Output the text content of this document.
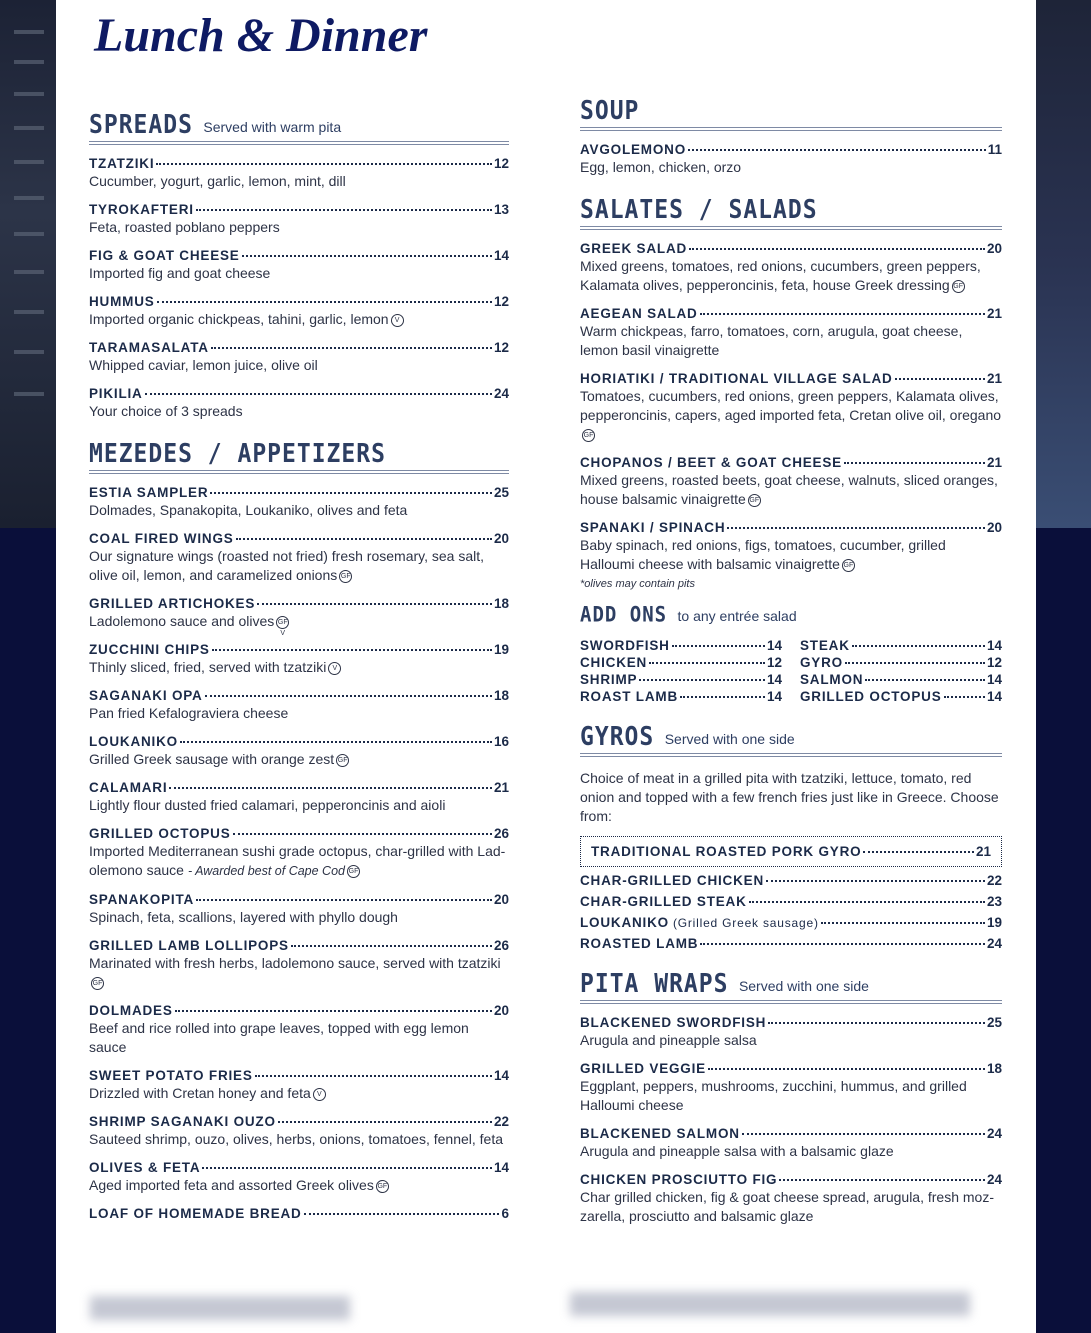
Lunch & Dinner
SPREADS Served with warm pita
TZATZIKI	12
Cucumber, yogurt, garlic, lemon, mint, dill
TYROKAFTERI	13
Feta, roasted poblano peppers
FIG & GOAT CHEESE	14
Imported fig and goat cheese
HUMMUS	12
Imported organic chickpeas, tahini, garlic, lemon V
TARAMASALATA	12
Whipped caviar, lemon juice, olive oil
PIKILIA	24
Your choice of 3 spreads
MEZEDES / APPETIZERS
ESTIA SAMPLER	25
Dolmades, Spanakopita, Loukaniko, olives and feta
COAL FIRED WINGS	20
Our signature wings (roasted not fried) fresh rosemary, sea salt, olive oil, lemon, and caramelized onions GF
GRILLED ARTICHOKES	18
Ladolemono sauce and olives GF V
ZUCCHINI CHIPS	19
Thinly sliced, fried, served with tzatziki V
SAGANAKI OPA	18
Pan fried Kefalograviera cheese
LOUKANIKO	16
Grilled Greek sausage with orange zest GF
CALAMARI	21
Lightly flour dusted fried calamari, pepperoncinis and aioli
GRILLED OCTOPUS	26
Imported Mediterranean sushi grade octopus, char-grilled with Lad-olemono sauce - Awarded best of Cape Cod GF
SPANAKOPITA	20
Spinach, feta, scallions, layered with phyllo dough
GRILLED LAMB LOLLIPOPS	26
Marinated with fresh herbs, ladolemono sauce, served with tzatzikiGF
DOLMADES	20
Beef and rice rolled into grape leaves, topped with egg lemon sauce
SWEET POTATO FRIES	14
Drizzled with Cretan honey and feta V
SHRIMP SAGANAKI OUZO	22
Sauteed shrimp, ouzo, olives, herbs, onions, tomatoes, fennel, feta
OLIVES & FETA	14
Aged imported feta and assorted Greek olives GF
LOAF OF HOMEMADE BREAD	6
SOUP
AVGOLEMONO	11
Egg, lemon, chicken, orzo
SALATES / SALADS
GREEK SALAD	20
Mixed greens, tomatoes, red onions, cucumbers, green peppers, Kalamata olives, pepperoncinis, feta, house Greek dressing GF
AEGEAN SALAD	21
Warm chickpeas, farro, tomatoes, corn, arugula, goat cheese, lemon basil vinaigrette
HORIATIKI / TRADITIONAL VILLAGE SALAD	21
Tomatoes, cucumbers, red onions, green peppers, Kalamata olives, pepperoncinis, capers, aged imported feta, Cretan olive oil, oreganoGF
CHOPANOS / BEET & GOAT CHEESE	21
Mixed greens, roasted beets, goat cheese, walnuts, sliced oranges, house balsamic vinaigrette GF
SPANAKI / SPINACH	20
Baby spinach, red onions, figs, tomatoes, cucumber, grilled Halloumi cheese with balsamic vinaigrette GF
*olives may contain pits
ADD ONS to any entrée salad
SWORDFISH	14 STEAK	14
CHICKEN	12 GYRO	12
SHRIMP	14 SALMON	14
ROAST LAMB	14 GRILLED OCTOPUS	14
GYROS Served with one side
Choice of meat in a grilled pita with tzatziki, lettuce, tomato, red onion and topped with a few french fries just like in Greece. Choose from:
TRADITIONAL ROASTED PORK GYRO	21
CHAR-GRILLED CHICKEN	22
CHAR-GRILLED STEAK	23
LOUKANIKO (Grilled Greek sausage)	19
ROASTED LAMB	24
PITA WRAPS Served with one side
BLACKENED SWORDFISH	25
Arugula and pineapple salsa
GRILLED VEGGIE	18
Eggplant, peppers, mushrooms, zucchini, hummus, and grilled Halloumi cheese
BLACKENED SALMON	24
Arugula and pineapple salsa with a balsamic glaze
CHICKEN PROSCIUTTO FIG	24
Char grilled chicken, fig & goat cheese spread, arugula, fresh moz-zarella, prosciutto and balsamic glaze
